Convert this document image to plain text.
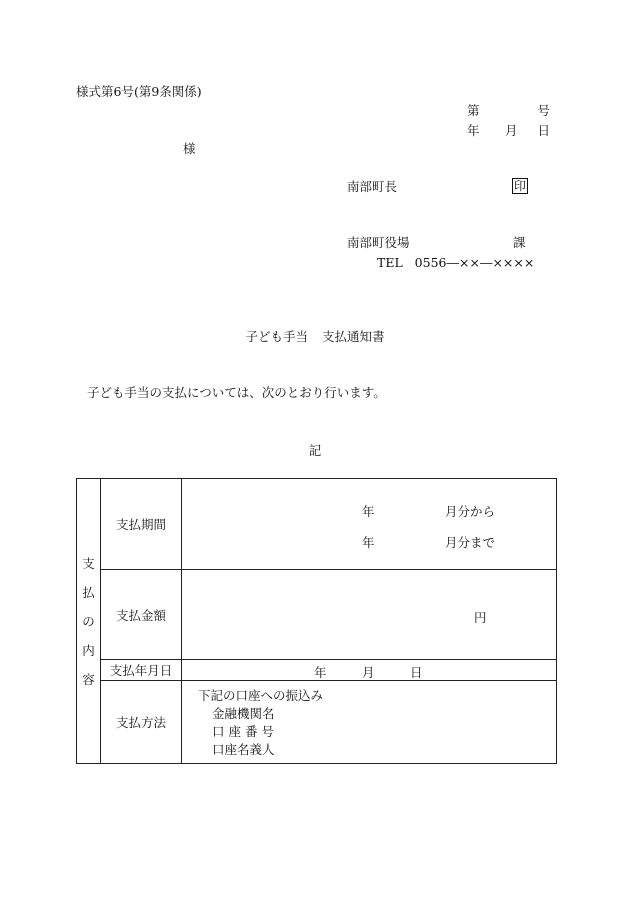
様式第6号(第9条関係)
第	号
年 月 日
様
南部町長	印
南部町役場	課
TEL   0556―××―××××
子ども手当 支払通知書
子ども手当の支払については、次のとおり行います。
記
支
払
の
内
容	支払期間	年 月分から
年 月分まで

	支払金額	円

	支払年月日	年 月 日

	支払方法	下記の口座への振込み
金融機関名
口 座 番 号
口座名義人
